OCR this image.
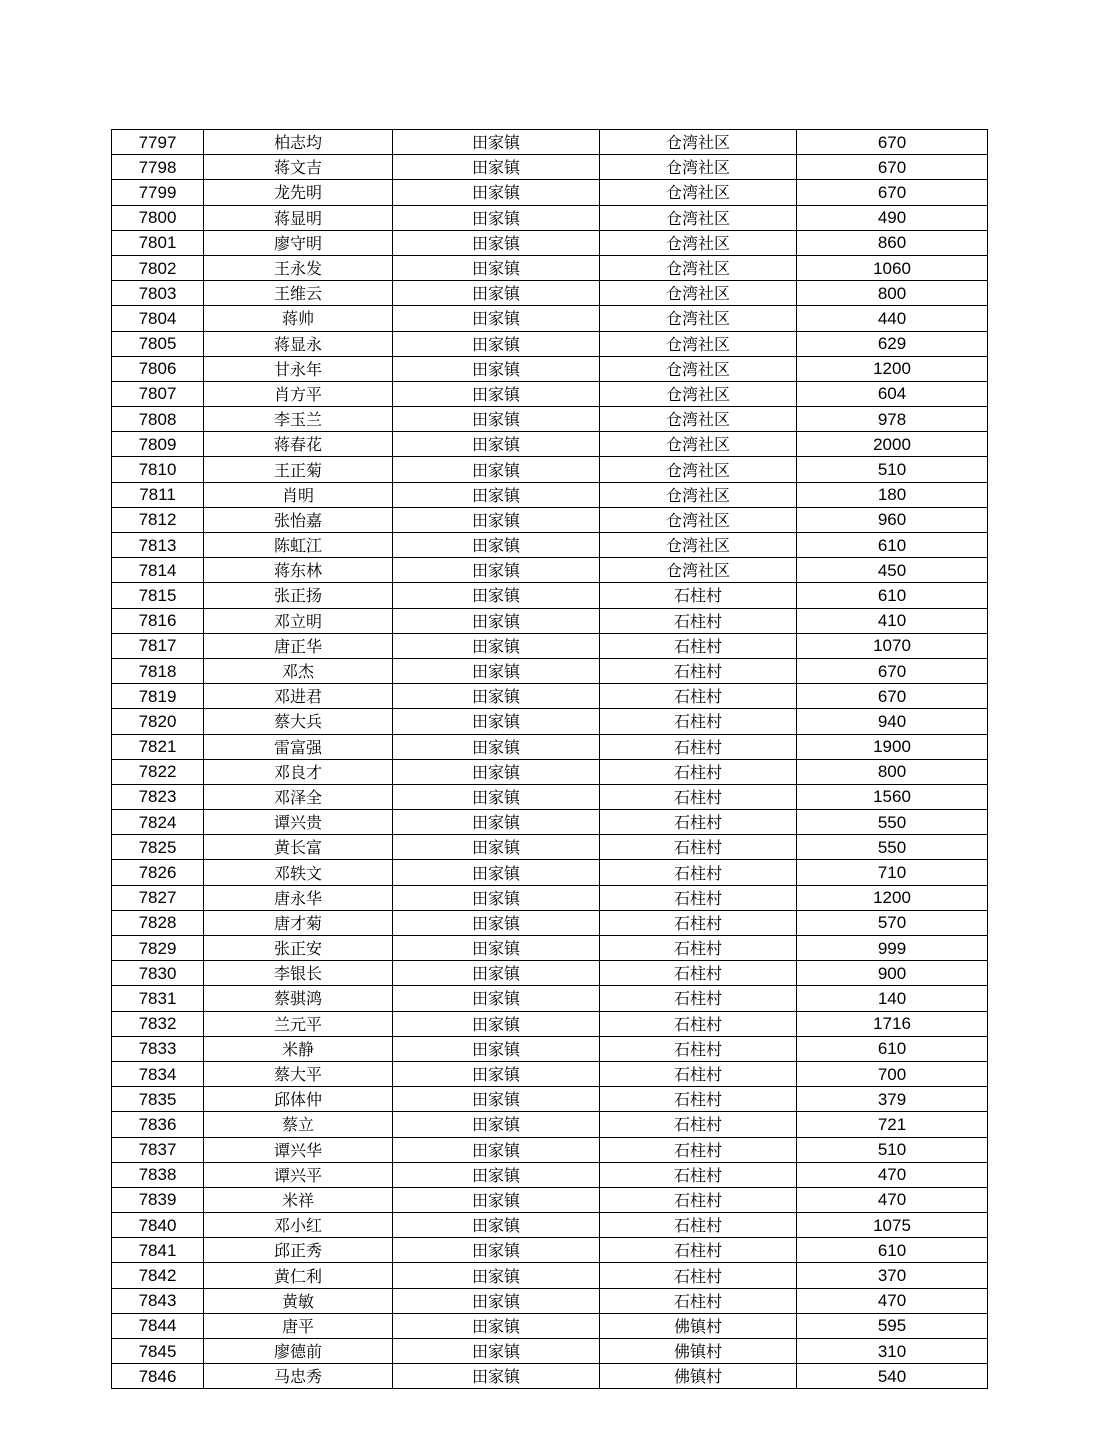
7797	柏志均	田家镇	仓湾社区	670
7798	蒋文吉	田家镇	仓湾社区	670
7799	龙先明	田家镇	仓湾社区	670
7800	蒋显明	田家镇	仓湾社区	490
7801	廖守明	田家镇	仓湾社区	860
7802	王永发	田家镇	仓湾社区	1060
7803	王维云	田家镇	仓湾社区	800
7804	蒋帅	田家镇	仓湾社区	440
7805	蒋显永	田家镇	仓湾社区	629
7806	甘永年	田家镇	仓湾社区	1200
7807	肖方平	田家镇	仓湾社区	604
7808	李玉兰	田家镇	仓湾社区	978
7809	蒋春花	田家镇	仓湾社区	2000
7810	王正菊	田家镇	仓湾社区	510
7811	肖明	田家镇	仓湾社区	180
7812	张怡嘉	田家镇	仓湾社区	960
7813	陈虹江	田家镇	仓湾社区	610
7814	蒋东林	田家镇	仓湾社区	450
7815	张正扬	田家镇	石柱村	610
7816	邓立明	田家镇	石柱村	410
7817	唐正华	田家镇	石柱村	1070
7818	邓杰	田家镇	石柱村	670
7819	邓进君	田家镇	石柱村	670
7820	蔡大兵	田家镇	石柱村	940
7821	雷富强	田家镇	石柱村	1900
7822	邓良才	田家镇	石柱村	800
7823	邓泽全	田家镇	石柱村	1560
7824	谭兴贵	田家镇	石柱村	550
7825	黄长富	田家镇	石柱村	550
7826	邓轶文	田家镇	石柱村	710
7827	唐永华	田家镇	石柱村	1200
7828	唐才菊	田家镇	石柱村	570
7829	张正安	田家镇	石柱村	999
7830	李银长	田家镇	石柱村	900
7831	蔡骐鸿	田家镇	石柱村	140
7832	兰元平	田家镇	石柱村	1716
7833	米静	田家镇	石柱村	610
7834	蔡大平	田家镇	石柱村	700
7835	邱体仲	田家镇	石柱村	379
7836	蔡立	田家镇	石柱村	721
7837	谭兴华	田家镇	石柱村	510
7838	谭兴平	田家镇	石柱村	470
7839	米祥	田家镇	石柱村	470
7840	邓小红	田家镇	石柱村	1075
7841	邱正秀	田家镇	石柱村	610
7842	黄仁利	田家镇	石柱村	370
7843	黄敏	田家镇	石柱村	470
7844	唐平	田家镇	佛镇村	595
7845	廖德前	田家镇	佛镇村	310
7846	马忠秀	田家镇	佛镇村	540
